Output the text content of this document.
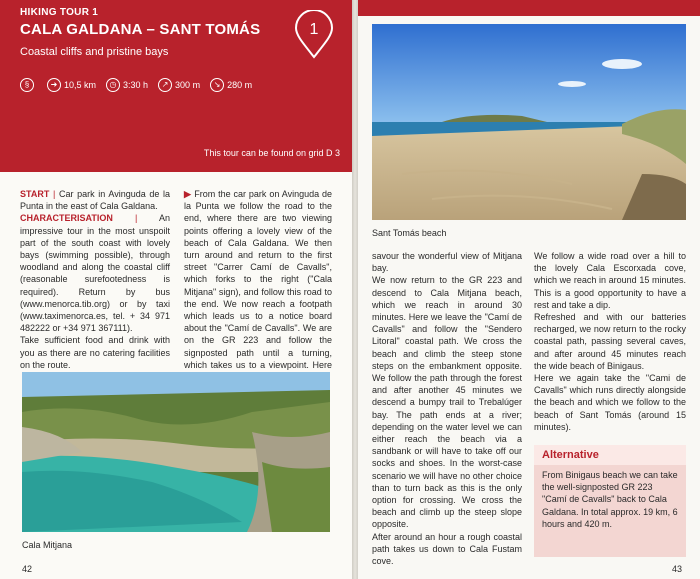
HIKING TOUR 1
CALA GALDANA – SANT TOMÁS
Coastal cliffs and pristine bays
§	➜ 10,5 km	◷ 3:30 h	↗ 300 m	↘ 280 m
1
This tour can be found on grid D 3

START | Car park in Avinguda de la Punta in the east of Cala Galdana.

CHARACTERISATION | An impressive tour in the most unspoilt part of the south coast with lovely bays (swimming possible), through woodland and along the coastal cliff (reasonable surefootedness is required). Return by bus (www.menorca.tib.org) or by taxi (www.taximenorca.es, tel. + 34 971 482222 or +34 971 367111).

Take sufficient food and drink with you as there are no catering facilities on the route.

▶ From the car park on Avinguda de la Punta we follow the road to the end, where there are two viewing points offering a lovely view of the beach of Cala Galdana. We then turn around and return to the first street "Carrer Camí de Cavalls", which forks to the right ("Cala Mitjana" sign), and follow this road to the end. We now reach a footpath which leads us to a notice board about the "Camí de Cavalls". We are on the GR 223 and follow the signposted path until a turning, which takes us to a viewpoint. Here

Cala Mitjana
42
Sant Tomás beach
savour the wonderful view of Mitjana bay.
We now return to the GR 223 and descend to Cala Mitjana beach, which we reach in around 30 minutes. Here we leave the "Camí de Cavalls" and follow the "Sendero Litoral" coastal path. We cross the beach and climb the steep stone steps on the embankment opposite. We follow the path through the forest and after another 45 minutes we descend a bumpy trail to Trebalúger bay. The path ends at a river; depending on the water level we can either reach the beach via a sandbank or will have to take off our socks and shoes. In the worst-case scenario we will have no other choice than to turn back as this is the only option for crossing. We cross the beach and climb up the steep slope opposite.
After around an hour a rough coastal path takes us down to Cala Fustam cove.
We follow a wide road over a hill to the lovely Cala Escorxada cove, which we reach in around 15 minutes. This is a good opportunity to have a rest and take a dip.
Refreshed and with our batteries recharged, we now return to the rocky coastal path, passing several caves, and after around 45 minutes reach the wide beach of Binigaus.
Here we again take the "Cami de Cavalls" which runs directly alongside the beach and which we follow to the beach of Sant Tomás (around 15 minutes).
Alternative
From Binigaus beach we can take the well-signposted GR 223 "Camí de Cavalls" back to Cala Galdana. In total approx. 19 km, 6 hours and 420 m.
43
